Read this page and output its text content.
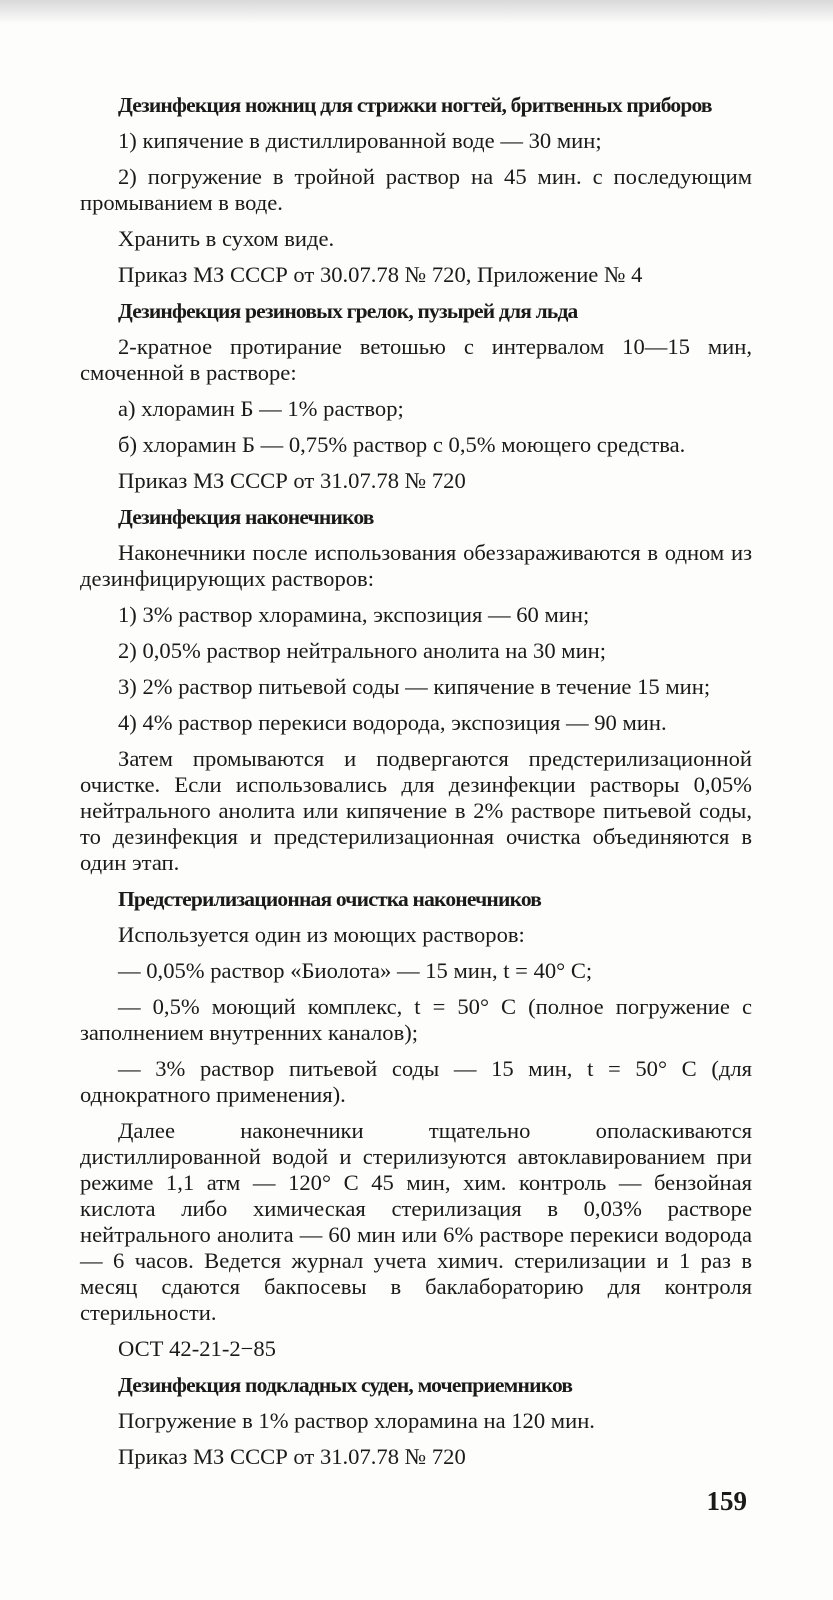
Дезинфекция ножниц для стрижки ногтей, бритвенных приборов

1) кипячение в дистиллированной воде — 30 мин;

2) погружение в тройной раствор на 45 мин. с последующим промыванием в воде.

Хранить в сухом виде.

Приказ МЗ СССР от 30.07.78 № 720, Приложение № 4

Дезинфекция резиновых грелок, пузырей для льда

2-кратное протирание ветошью с интервалом 10—15 мин, смоченной в растворе:

а) хлорамин Б — 1% раствор;

б) хлорамин Б — 0,75% раствор с 0,5% моющего средства.

Приказ МЗ СССР от 31.07.78 № 720

Дезинфекция наконечников

Наконечники после использования обеззараживаются в одном из дезинфицирующих растворов:

1) 3% раствор хлорамина, экспозиция — 60 мин;

2) 0,05% раствор нейтрального анолита на 30 мин;

3) 2% раствор питьевой соды — кипячение в течение 15 мин;

4) 4% раствор перекиси водорода, экспозиция — 90 мин.

Затем промываются и подвергаются предстерилизационной очистке. Если использовались для дезинфекции растворы 0,05% нейтрального анолита или кипячение в 2% растворе питьевой соды, то дезинфекция и предстерилизационная очистка объединяются в один этап.

Предстерилизационная очистка наконечников

Используется один из моющих растворов:

— 0,05% раствор «Биолота» — 15 мин, t = 40° С;

— 0,5% моющий комплекс, t = 50° С (полное погружение с заполнением внутренних каналов);

— 3% раствор питьевой соды — 15 мин, t = 50° С (для однократного применения).

Далее наконечники тщательно ополаскиваются дистиллированной водой и стерилизуются автоклавированием при режиме 1,1 атм — 120° С 45 мин, хим. контроль — бензойная кислота либо химическая стерилизация в 0,03% растворе нейтрального анолита — 60 мин или 6% растворе перекиси водорода — 6 часов. Ведется журнал учета химич. стерилизации и 1 раз в месяц сдаются бакпосевы в баклабораторию для контроля стерильности.

ОСТ 42-21-2−85

Дезинфекция подкладных суден, мочеприемников

Погружение в 1% раствор хлорамина на 120 мин.

Приказ МЗ СССР от 31.07.78 № 720

159
